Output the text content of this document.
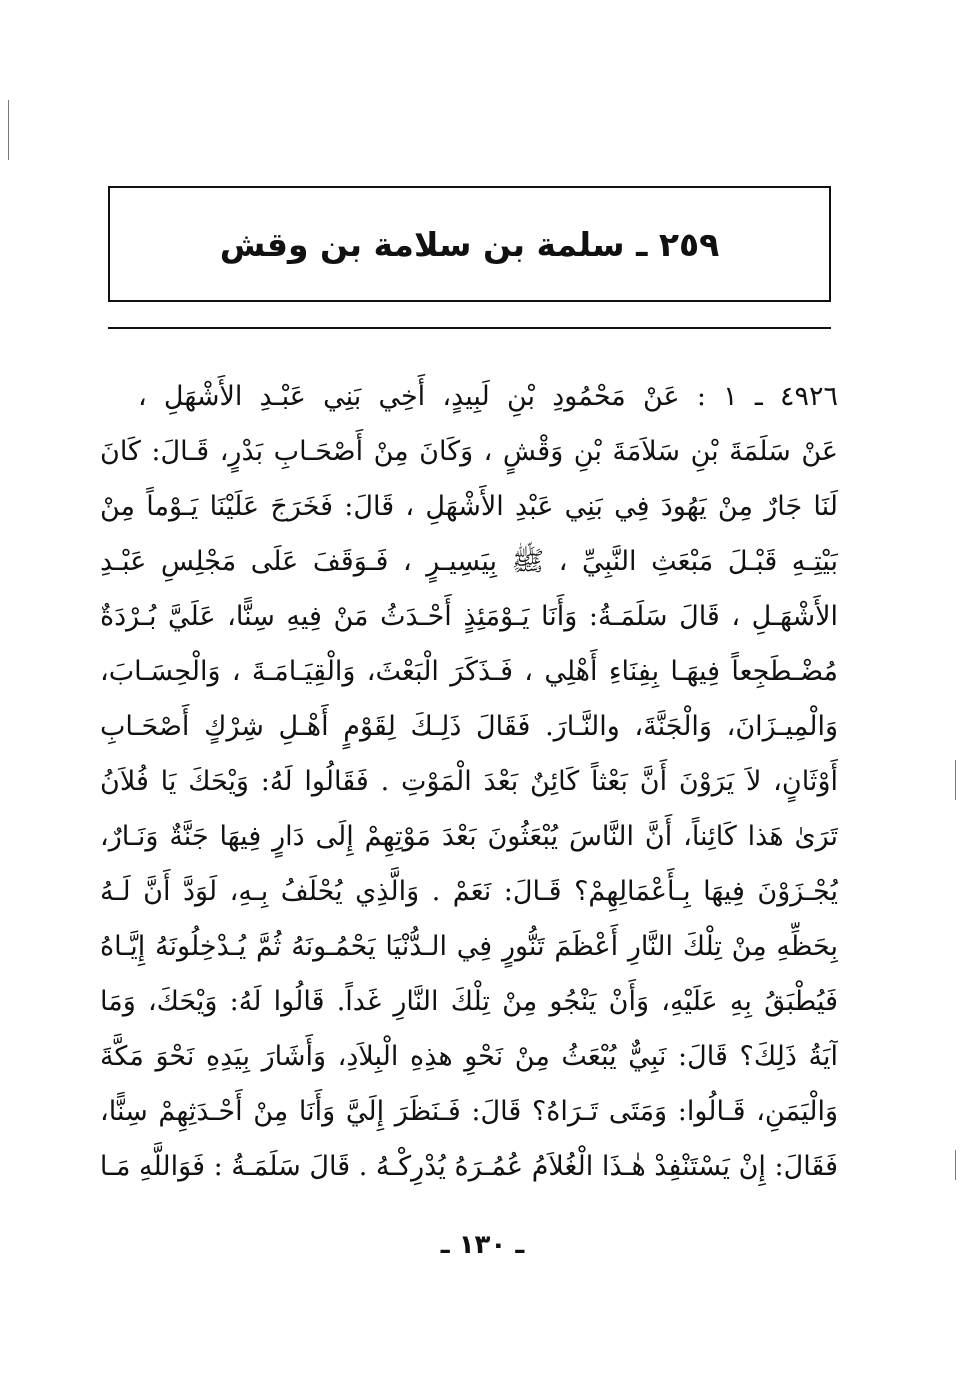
٢٥٩ ـ سلمة بن سلامة بن وقش
٤٩٢٦ ـ ١ : عَنْ مَحْمُودِ بْنِ لَبِيدٍ، أَخِي بَنِي عَبْـدِ الأَشْهَلِ ،
عَنْ سَلَمَةَ بْنِ سَلاَمَةَ بْنِ وَقْشٍ ، وَكَانَ مِنْ أَصْحَـابِ بَدْرٍ، قَـالَ: كَانَ
لَنَا جَارٌ مِنْ يَهُودَ فِي بَنِي عَبْدِ الأَشْهَلِ ، قَالَ: فَخَرَجَ عَلَيْنَا يَـوْماً مِنْ
بَيْتِـهِ قَبْـلَ مَبْعَثِ النَّبِيِّ ، ﷺ بِيَسِيـرٍ ، فَـوَقَفَ عَلَى مَجْلِسِ عَبْـدِ
الأَشْهَـلِ ، قَالَ سَلَمَـةُ: وَأَنَا يَـوْمَئِذٍ أَحْـدَثُ مَنْ فِيهِ سِنًّا، عَلَيَّ بُـرْدَةٌ
مُضْـطَجِعاً فِيهَـا بِفِنَاءِ أَهْلِي ، فَـذَكَرَ الْبَعْثَ، وَالْقِيَـامَـةَ ، وَالْحِسَـابَ،
وَالْمِيـزَانَ، وَالْجَنَّةَ، والنَّـارَ. فَقَالَ ذَلِـكَ لِقَوْمٍ أَهْـلِ شِرْكٍ أَصْحَـابِ
أَوْثَانٍ، لاَ يَرَوْنَ أَنَّ بَعْثاً كَائِنٌ بَعْدَ الْمَوْتِ . فَقَالُوا لَهُ: وَيْحَكَ يَا فُلاَنُ
تَرَىٰ هَذا كَائِناً، أَنَّ النَّاسَ يُبْعَثُونَ بَعْدَ مَوْتِهِمْ إِلَى دَارٍ فِيهَا جَنَّةٌ وَنَـارٌ،
يُجْـزَوْنَ فِيهَا بِـأَعْمَالِهِمْ؟ قَـالَ: نَعَمْ . وَالَّذِي يُحْلَفُ بِـهِ، لَوَدَّ أَنَّ لَـهُ
بِحَظِّهِ مِنْ تِلْكَ النَّارِ أَعْظَمَ تَنُّورٍ فِي الـدُّنْيَا يَحْمُـونَهُ ثُمَّ يُـدْخِلُونَهُ إِيَّـاهُ
فَيُطْبَقُ بِهِ عَلَيْهِ، وَأَنْ يَنْجُو مِنْ تِلْكَ النَّارِ غَداً. قَالُوا لَهُ: وَيْحَكَ، وَمَا
آيَةُ ذَلِكَ؟ قَالَ: نَبِيٌّ يُبْعَثُ مِنْ نَحْوِ هذِهِ الْبِلاَدِ، وَأَشَارَ بِيَدِهِ نَحْوَ مَكَّةَ
وَالْيَمَنِ، قَـالُوا: وَمَتَى تَـرَاهُ؟ قَالَ: فَـنَظَرَ إِلَيَّ وَأَنَا مِنْ أَحْـدَثِهِمْ سِنًّا،
فَقَالَ: إِنْ يَسْتَنْفِدْ هٰـذَا الْغُلاَمُ عُمُـرَهُ يُدْرِكْـهُ . قَالَ سَلَمَـةُ : فَوَاللَّهِ مَـا
ـ ١٣٠ ـ
